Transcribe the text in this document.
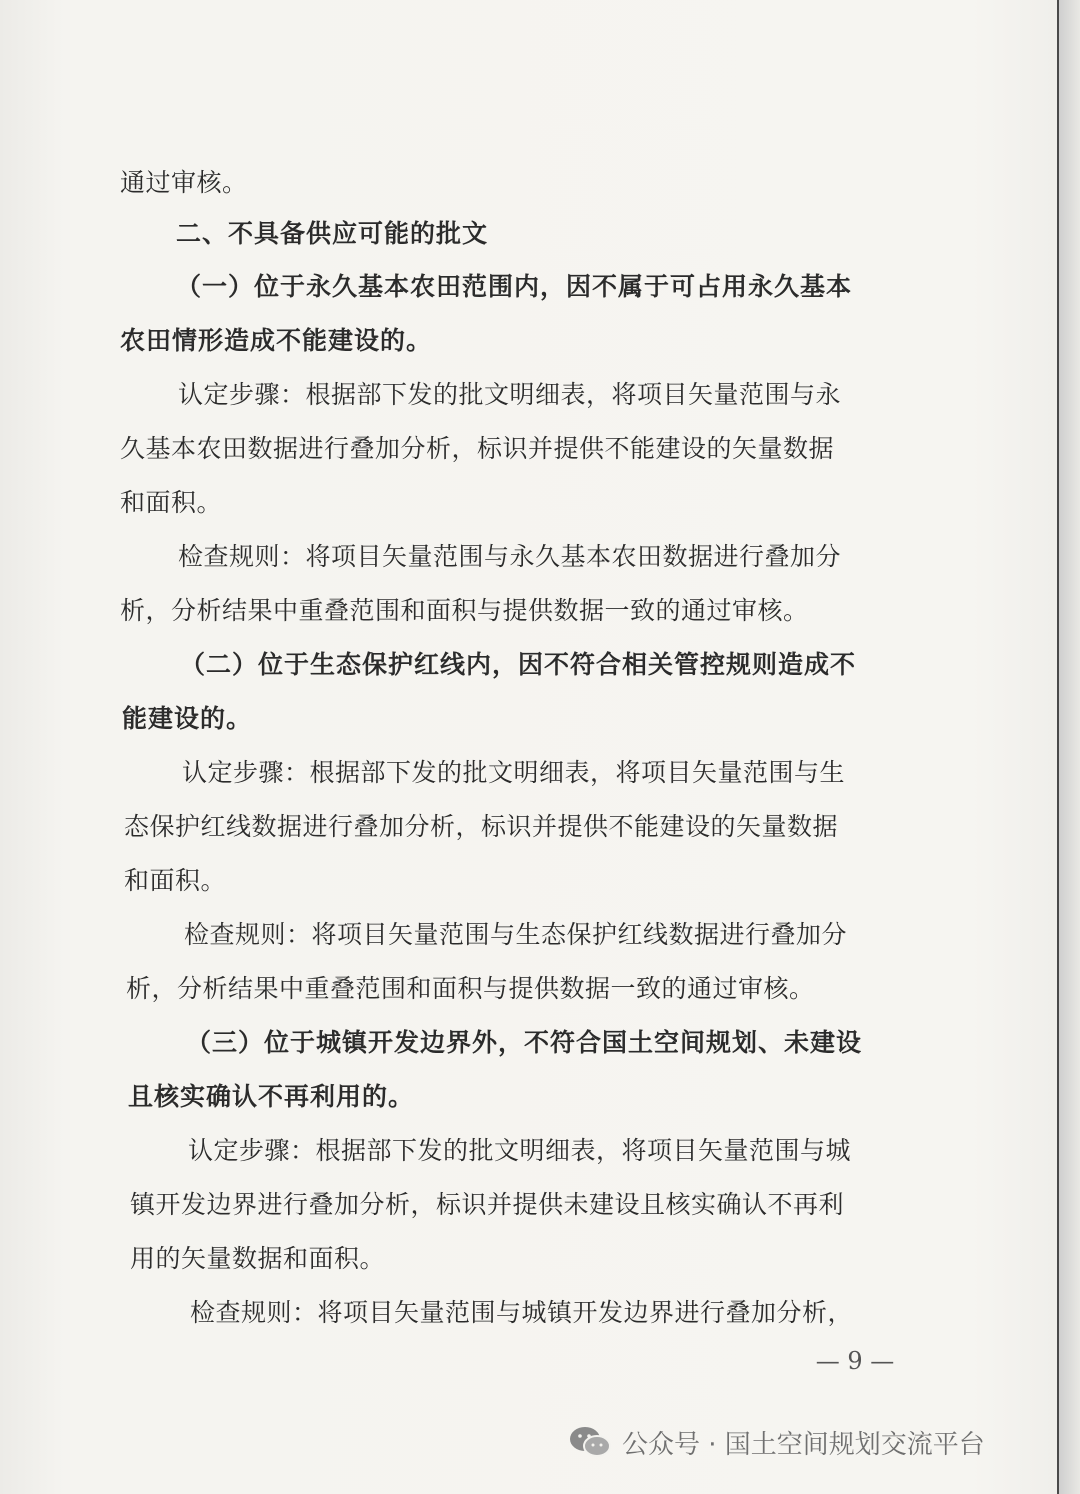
通过审核。

二、不具备供应可能的批文

（一）位于永久基本农田范围内，因不属于可占用永久基本

农田情形造成不能建设的。

认定步骤：根据部下发的批文明细表，将项目矢量范围与永

久基本农田数据进行叠加分析，标识并提供不能建设的矢量数据

和面积。

检查规则：将项目矢量范围与永久基本农田数据进行叠加分

析，分析结果中重叠范围和面积与提供数据一致的通过审核。

（二）位于生态保护红线内，因不符合相关管控规则造成不

能建设的。

认定步骤：根据部下发的批文明细表，将项目矢量范围与生

态保护红线数据进行叠加分析，标识并提供不能建设的矢量数据

和面积。

检查规则：将项目矢量范围与生态保护红线数据进行叠加分

析，分析结果中重叠范围和面积与提供数据一致的通过审核。

（三）位于城镇开发边界外，不符合国土空间规划、未建设

且核实确认不再利用的。

认定步骤：根据部下发的批文明细表，将项目矢量范围与城

镇开发边界进行叠加分析，标识并提供未建设且核实确认不再利

用的矢量数据和面积。

检查规则：将项目矢量范围与城镇开发边界进行叠加分析，

— 9 —
公众号 · 国土空间规划交流平台
